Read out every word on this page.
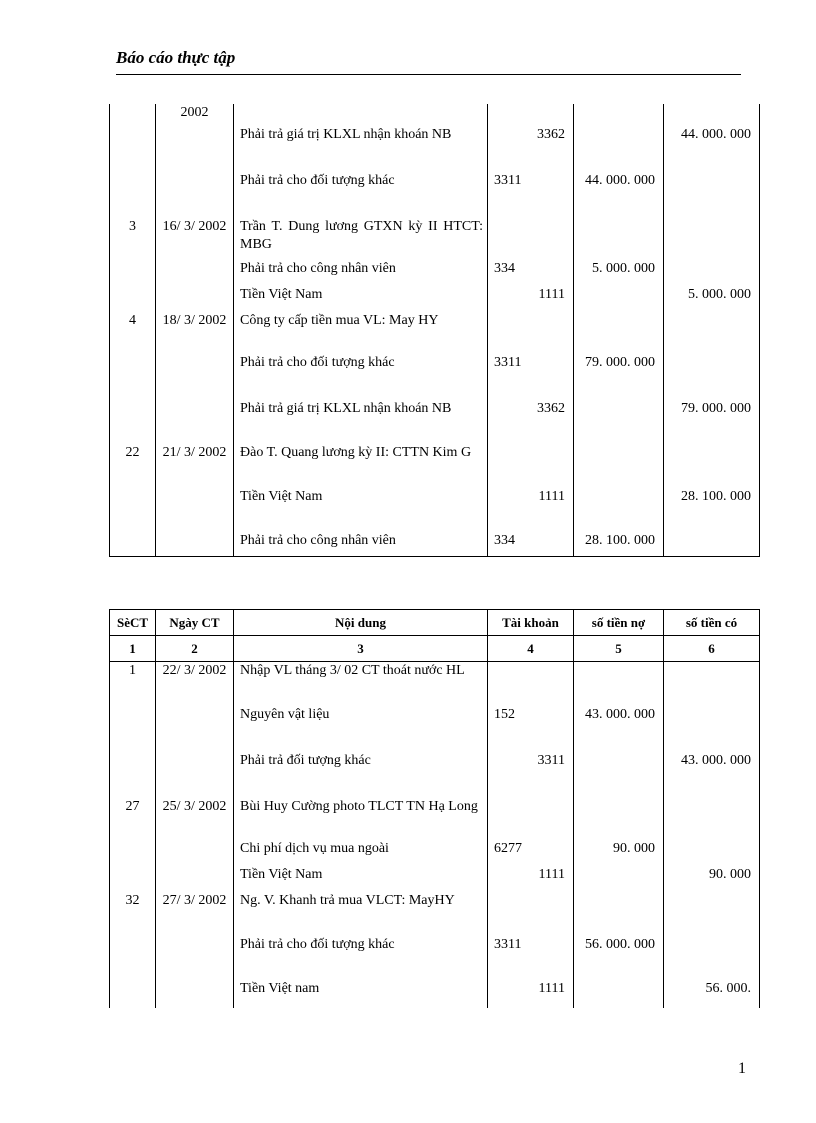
Báo cáo thực tập
	2002				
		Phải trả giá trị KLXL nhận khoán NB	3362		44. 000. 000
		Phải trả cho đối tượng khác	3311	44. 000. 000	
3	16/ 3/ 2002	Trần T. Dung lương GTXN kỳ II HTCT: MBG			
		Phải trả cho công nhân viên	334	5. 000. 000	
		Tiền Việt Nam	1111		5. 000. 000
4	18/ 3/ 2002	Công ty cấp tiền mua VL: May HY			
		Phải trả cho đối tượng khác	3311	79. 000. 000	
		Phải trả giá trị KLXL nhận khoán NB	3362		79. 000. 000
22	21/ 3/ 2002	Đào T. Quang lương kỳ II: CTTN Kim G			
		Tiền Việt Nam	1111		28. 100. 000
		Phải trả cho công nhân viên	334	28. 100. 000	
SèCT	Ngày CT	Nội dung	Tài khoản	số tiền nợ	số tiền có
1	2	3	4	5	6
1	22/ 3/ 2002	Nhập VL tháng 3/ 02 CT thoát nước HL			
		Nguyên vật liệu	152	43. 000. 000	
		Phải trả đối tượng khác	3311		43. 000. 000
27	25/ 3/ 2002	Bùi Huy Cường photo TLCT TN Hạ Long			
		Chi phí dịch vụ mua ngoài	6277	90. 000	
		Tiền Việt Nam	1111		90. 000
32	27/ 3/ 2002	Ng. V. Khanh trả mua VLCT: MayHY			
		Phải trả cho đối tượng khác	3311	56. 000. 000	
		Tiền Việt nam	1111		56. 000.
1
